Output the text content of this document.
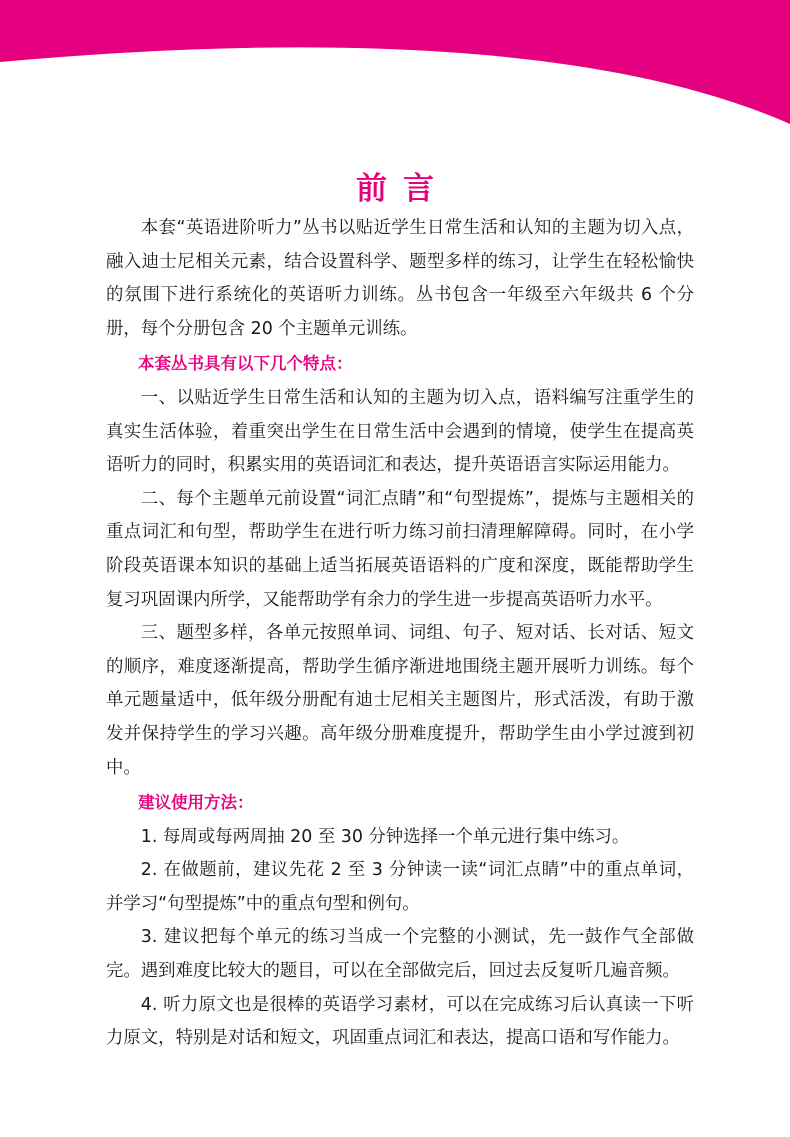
前言

本套“英语进阶听力”丛书以贴近学生日常生活和认知的主题为切入点，融入迪士尼相关元素，结合设置科学、题型多样的练习，让学生在轻松愉快的氛围下进行系统化的英语听力训练。丛书包含一年级至六年级共 6 个分册，每个分册包含 20 个主题单元训练。

本套丛书具有以下几个特点：

一、以贴近学生日常生活和认知的主题为切入点，语料编写注重学生的真实生活体验，着重突出学生在日常生活中会遇到的情境，使学生在提高英语听力的同时，积累实用的英语词汇和表达，提升英语语言实际运用能力。

二、每个主题单元前设置“词汇点睛”和“句型提炼”，提炼与主题相关的重点词汇和句型，帮助学生在进行听力练习前扫清理解障碍。同时，在小学阶段英语课本知识的基础上适当拓展英语语料的广度和深度，既能帮助学生复习巩固课内所学，又能帮助学有余力的学生进一步提高英语听力水平。

三、题型多样，各单元按照单词、词组、句子、短对话、长对话、短文的顺序，难度逐渐提高，帮助学生循序渐进地围绕主题开展听力训练。每个单元题量适中，低年级分册配有迪士尼相关主题图片，形式活泼，有助于激发并保持学生的学习兴趣。高年级分册难度提升，帮助学生由小学过渡到初中。

建议使用方法：

1. 每周或每两周抽 20 至 30 分钟选择一个单元进行集中练习。

2. 在做题前，建议先花 2 至 3 分钟读一读“词汇点睛”中的重点单词，并学习“句型提炼”中的重点句型和例句。

3. 建议把每个单元的练习当成一个完整的小测试，先一鼓作气全部做完。遇到难度比较大的题目，可以在全部做完后，回过去反复听几遍音频。

4. 听力原文也是很棒的英语学习素材，可以在完成练习后认真读一下听力原文，特别是对话和短文，巩固重点词汇和表达，提高口语和写作能力。
